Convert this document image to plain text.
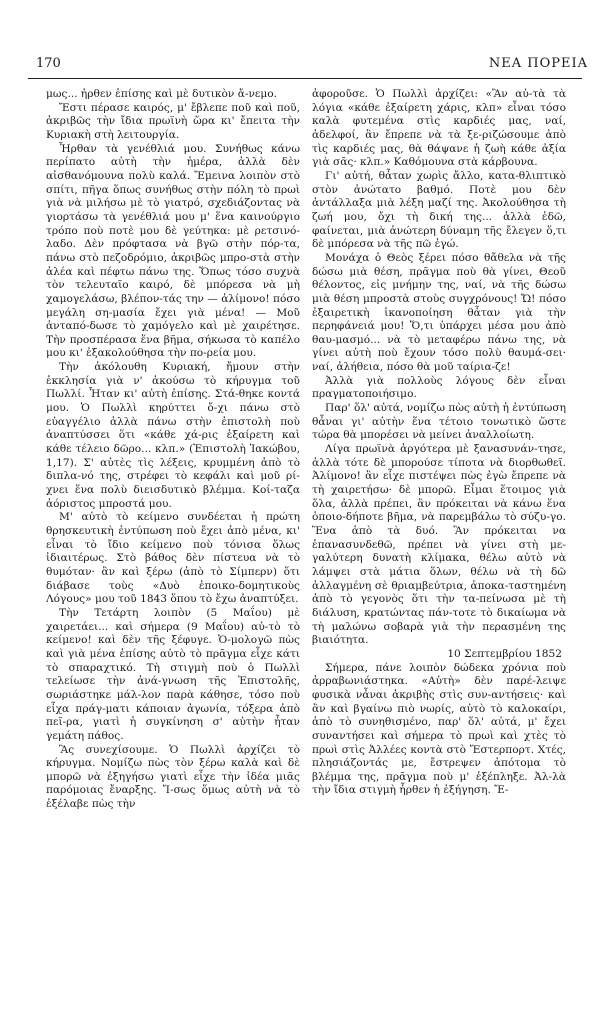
170	ΝΕΑ ΠΟΡΕΙΑ

μως... ἦρθεν ἐπίσης καὶ μὲ δυτικὸν ἄ-νεμο.

Ἔστι πέρασε καιρός, μ' ἔβλεπε ποῦ καὶ ποῦ, ἀκριβῶς τὴν ἴδια πρωϊνὴ ὥρα κι' ἔπειτα τὴν Κυριακὴ στὴ λειτουργία.

Ἦρθαν τὰ γενέθλιά μου. Συνήθως κάνω περίπατο αὐτὴ τὴν ἡμέρα, ἀλλὰ δὲν αἰσθανόμουνα πολὺ καλά. Ἔμεινα λοιπὸν στὸ σπίτι, πῆγα ὅπως συνήθως στὴν πόλη τὸ πρωὶ γιὰ νὰ μιλήσω μὲ τὸ γιατρό, σχεδιάζοντας νὰ γιορτάσω τὰ γενέθλιά μου μ' ἕνα καινούργιο τρόπο ποὺ ποτὲ μου δὲ γεύτηκα: μὲ ρετσινό-λαδο. Δὲν πρόφτασα νὰ βγῶ στὴν πόρ-τα, πάνω στὸ πεζοδρόμιο, ἀκριβῶς μπρο-στὰ στὴν ἀλέα καὶ πέφτω πάνω της. Ὅπως τόσο συχνὰ τὸν τελευταῖο καιρό, δὲ μπόρεσα νὰ μὴ χαμογελάσω, βλέπον-τάς την — ἀλίμονο! πόσο μεγάλη ση-μασία ἔχει γιὰ μένα! — Μοῦ ἀνταπό-δωσε τὸ χαμόγελο καὶ μὲ χαιρέτησε. Τὴν προσπέρασα ἕνα βῆμα, σήκωσα τὸ καπέλο μου κι' ἐξακολούθησα τὴν πο-ρεία μου.

Τὴν ἀκόλουθη Κυριακή, ἤμουν στὴν ἐκκλησία γιὰ ν' ἀκούσω τὸ κήρυγμα τοῦ Πωλλί. Ἦταν κι' αὐτὴ ἐπίσης. Στά-θηκε κοντά μου. Ὁ Πωλλὶ κηρύττει ὄ-χι πάνω στὸ εὐαγγέλιο ἀλλὰ πάνω στὴν ἐπιστολὴ ποὺ ἀναπτύσσει ὅτι «κάθε χά-ρις ἐξαίρετη καὶ κάθε τέλειο δῶρο... κλπ.» (Ἐπιστολὴ Ἰακώβου, 1,17). Σ' αὐτὲς τὶς λέξεις, κρυμμένη ἀπὸ τὸ διπλα-νό της, στρέφει τὸ κεφάλι καὶ μοῦ ρί-χνει ἕνα πολὺ διεισδυτικὸ βλέμμα. Κοί-ταζα ἀόριστος μπροστά μου.

Μ' αὐτὸ τὸ κείμενο συνδέεται ἡ πρώτη θρησκευτικὴ ἐντύπωση ποὺ ἔχει ἀπὸ μένα, κι' εἶναι τὸ ἴδιο κείμενο ποὺ τόνισα ὅλως ἰδιαιτέρως. Στὸ βάθος δὲν πίστευα νὰ τὸ θυμόταν· ἂν καὶ ξέρω (ἀπὸ τὸ Σίμπερν) ὅτι διάβασε τοὺς «Δυὸ ἐποικο-δομητικοὺς Λόγους» μου τοῦ 1843 ὅπου τὸ ἔχω ἀναπτύξει.

Τὴν Τετάρτη λοιπὸν (5 Μαΐου) μὲ χαιρετάει... καὶ σήμερα (9 Μαΐου) αὐ-τὸ τὸ κείμενο! καὶ δὲν τῆς ξέφυγε. Ὁ-μολογῶ πὼς καὶ γιὰ μένα ἐπίσης αὐτὸ τὸ πρᾶγμα εἶχε κάτι τὸ σπαραχτικό. Τὴ στιγμὴ ποὺ ὁ Πωλλὶ τελείωσε τὴν ἀνά-γνωση τῆς Ἐπιστολῆς, σωριάστηκε μάλ-λον παρὰ κάθησε, τόσο ποὺ εἶχα πράγ-ματι κάποιαν ἀγωνία, τόξερα ἀπὸ πεῖ-ρα, γιατὶ ἡ συγκίνηση σ' αὐτὴν ἦταν γεμάτη πάθος.

Ἂς συνεχίσουμε. Ὁ Πωλλὶ ἀρχίζει τὸ κήρυγμα. Νομίζω πὼς τὸν ξέρω καλὰ καὶ δὲ μπορῶ νὰ ἐξηγήσω γιατὶ εἶχε τὴν ἰδέα μιᾶς παρόμοιας ἔναρξης. Ἴ-σως ὅμως αὐτὴ νὰ τὸ ἐξέλαβε πὼς τὴν

ἀφοροῦσε. Ὁ Πωλλὶ ἀρχίζει: «Ἂν αὐ-τὰ τὰ λόγια «κάθε ἐξαίρετη χάρις, κλπ» εἶναι τόσο καλὰ φυτεμένα στὶς καρδιές μας, ναί, ἀδελφοί, ἂν ἔπρεπε νὰ τὰ ξε-ριζώσουμε ἀπὸ τὶς καρδιές μας, θὰ θάψανε ἡ ζωὴ κάθε ἀξία γιὰ σᾶς· κλπ.» Καθόμουνα στὰ κάρβουνα.

Γι' αὐτή, θἆταν χωρὶς ἄλλο, κατα-θλιπτικὸ στὸν ἀνώτατο βαθμό. Ποτὲ μου δὲν ἀντάλλαξα μιὰ λέξη μαζί της. Ἀκολούθησα τὴ ζωή μου, ὄχι τὴ δική της... ἀλλὰ ἐδῶ, φαίνεται, μιὰ ἀνώτερη δύναμη τῆς ἔλεγεν ὅ,τι δὲ μπόρεσα νὰ τῆς πῶ ἐγώ.

Μονάχα ὁ Θεὸς ξέρει πόσο θἄθελα νὰ τῆς δώσω μιὰ θέση, πρᾶγμα ποὺ θὰ γίνει, Θεοῦ θέλοντος, εἰς μνήμην της, ναί, νὰ τῆς δώσω μιὰ θέση μπροστὰ στοὺς συγχρόνους! Ὤ! πόσο ἐξαιρετικὴ ἱκανοποίηση θἆταν γιὰ τὴν περηφάνειά μου! Ὅ,τι ὑπάρχει μέσα μου ἀπὸ θαυ-μασμό... νὰ τὸ μεταφέρω πάνω της, νὰ γίνει αὐτὴ ποὺ ἔχουν τόσο πολὺ θαυμά-σει· ναί, ἀλήθεια, πόσο θὰ μοῦ ταίρια-ζε!

Ἀλλὰ γιὰ πολλοὺς λόγους δὲν εἶναι πραγματοποιήσιμο.

Παρ' ὅλ' αὐτά, νομίζω πὼς αὐτὴ ἡ ἐντύπωση θἆναι γι' αὐτὴν ἕνα τέτοιο τονωτικὸ ὥστε τώρα θὰ μπορέσει νὰ μείνει ἀναλλοίωτη.

Λίγα πρωϊνὰ ἀργότερα μὲ ξανασυνάν-τησε, ἀλλὰ τότε δὲ μπορούσε τίποτα νὰ διορθωθεῖ. Ἀλίμονο! ἂν εἶχε πιστέψει πὼς ἐγὼ ἔπρεπε νὰ τὴ χαιρετήσω· δὲ μπορῶ. Εἶμαι ἕτοιμος γιὰ ὅλα, ἀλλὰ πρέπει, ἂν πρόκειται νὰ κάνω ἕνα ὁποιο-δήποτε βῆμα, νὰ παρεμβάλω τὸ σύζυ-γο. Ἕνα ἀπὸ τὰ δυό. Ἂν πρόκειται να ἐπανασυνδεθῶ, πρέπει νὰ γίνει στὴ με-γαλύτερη δυνατὴ κλίμακα, θέλω αὐτὸ νὰ λάμψει στὰ μάτια ὅλων, θέλω νὰ τὴ δῶ ἀλλαγμένη σὲ θριαμβεύτρια, ἀποκα-ταστημένη ἀπὸ τὸ γεγονὸς ὅτι τὴν τα-πείνωσα μὲ τὴ διάλυση, κρατώντας πάν-τοτε τὸ δικαίωμα νὰ τὴ μαλώνω σοβαρὰ γιὰ τὴν περασμένη της βιαιότητα.

10 Σεπτεμβρίου 1852

Σήμερα, πάνε λοιπὸν δώδεκα χρόνια ποὺ ἀρραβωνιάστηκα. «Αὐτὴ» δὲν παρέ-λειψε φυσικὰ νἆναι ἀκριβὴς στὶς συν-αντήσεις· καὶ ἂν καὶ βγαίνω πιὸ νωρίς, αὐτὸ τὸ καλοκαίρι, ἀπὸ τὸ συνηθισμένο, παρ' ὅλ' αὐτά, μ' ἔχει συναντήσει καὶ σήμερα τὸ πρωὶ καὶ χτὲς τὸ πρωὶ στὶς Ἀλλέες κοντὰ στὸ Ἔστερπορτ. Χτές, πλησιάζοντάς με, ἔστρεψεν ἀπότομα τὸ βλέμμα της, πρᾶγμα ποὺ μ' ἐξέπληξε. Ἀλ-λὰ τὴν ἴδια στιγμὴ ἦρθεν ἡ ἐξήγηση. Ἔ-
